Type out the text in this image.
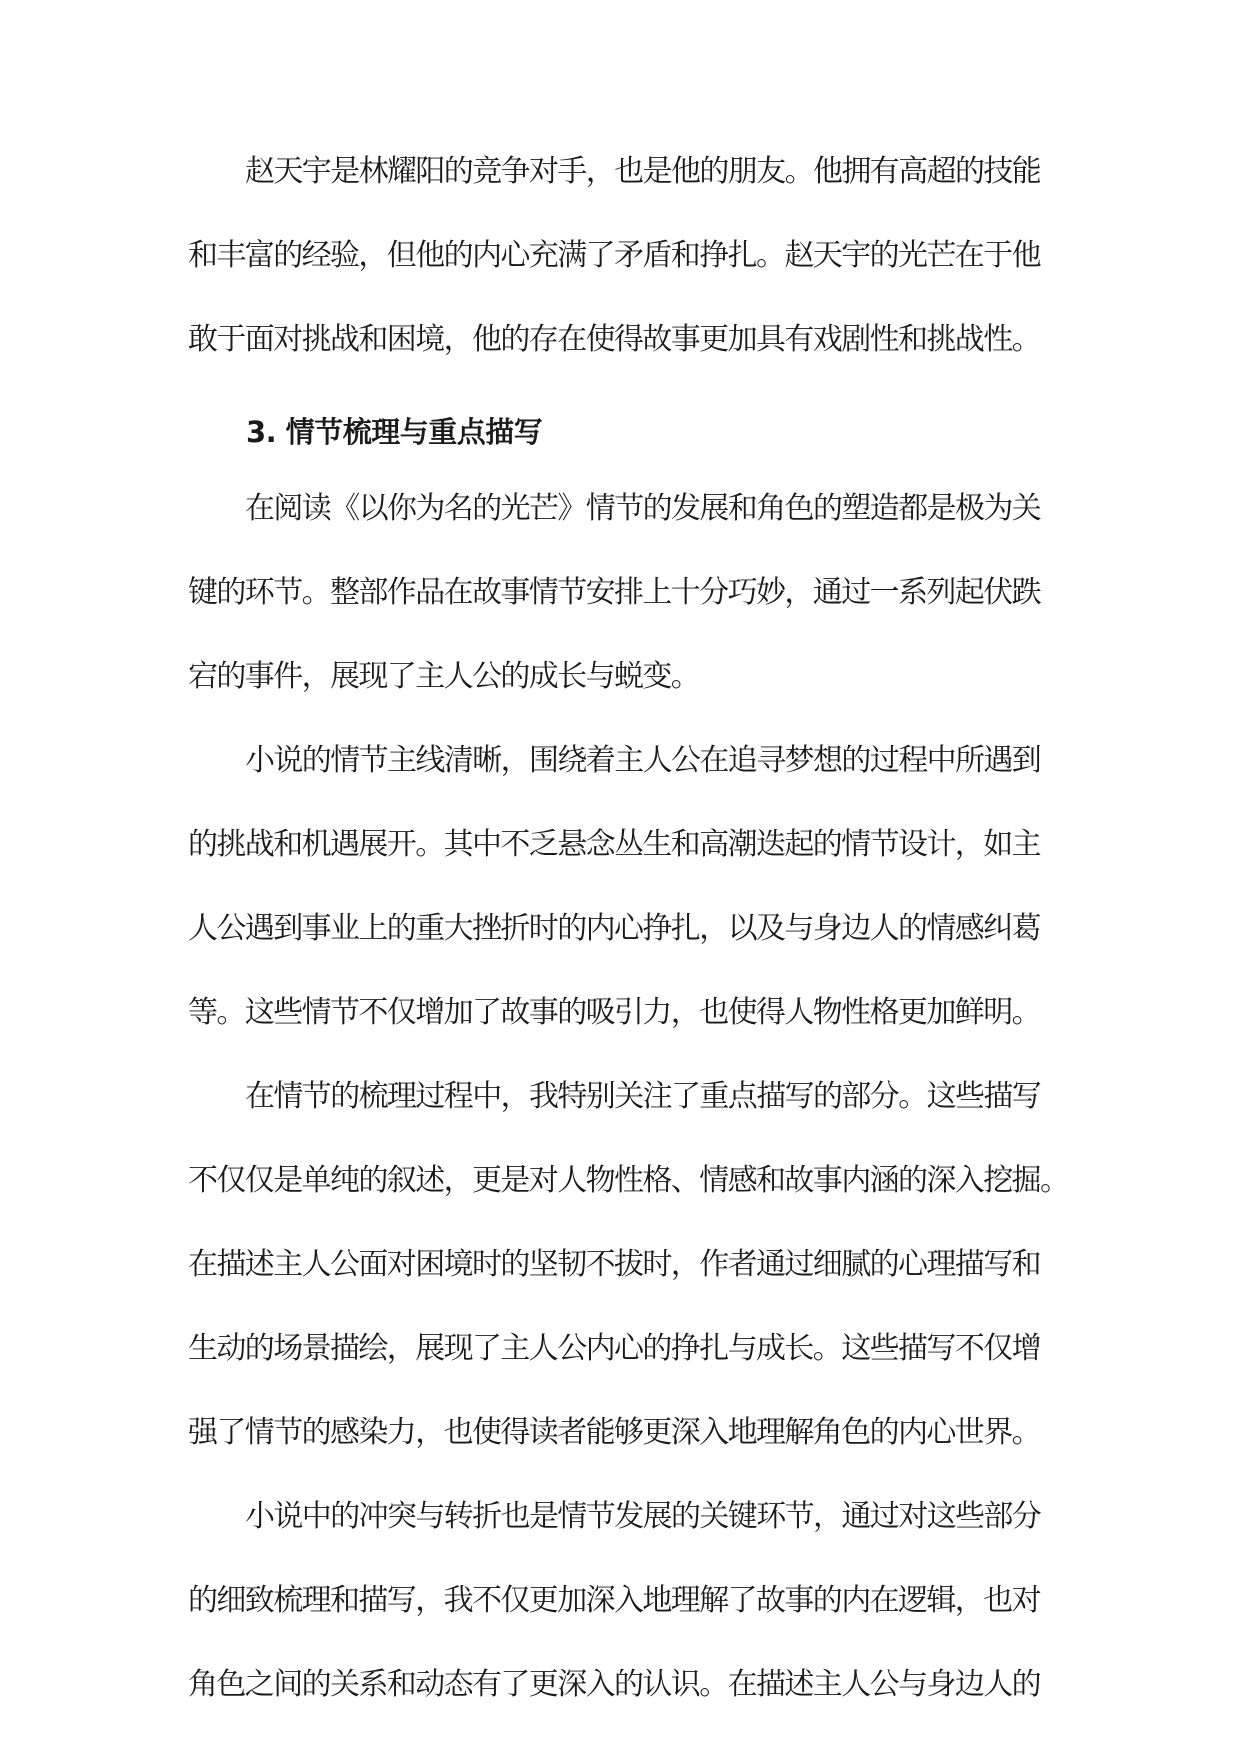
赵天宇是林耀阳的竞争对手，也是他的朋友。他拥有高超的技能
和丰富的经验，但他的内心充满了矛盾和挣扎。赵天宇的光芒在于他
敢于面对挑战和困境，他的存在使得故事更加具有戏剧性和挑战性。
在阅读《以你为名的光芒》情节的发展和角色的塑造都是极为关
键的环节。整部作品在故事情节安排上十分巧妙，通过一系列起伏跌
宕的事件，展现了主人公的成长与蜕变。
小说的情节主线清晰，围绕着主人公在追寻梦想的过程中所遇到
的挑战和机遇展开。其中不乏悬念丛生和高潮迭起的情节设计，如主
人公遇到事业上的重大挫折时的内心挣扎，以及与身边人的情感纠葛
等。这些情节不仅增加了故事的吸引力，也使得人物性格更加鲜明。
在情节的梳理过程中，我特别关注了重点描写的部分。这些描写
不仅仅是单纯的叙述，更是对人物性格、情感和故事内涵的深入挖掘。
在描述主人公面对困境时的坚韧不拔时，作者通过细腻的心理描写和
生动的场景描绘，展现了主人公内心的挣扎与成长。这些描写不仅增
强了情节的感染力，也使得读者能够更深入地理解角色的内心世界。
小说中的冲突与转折也是情节发展的关键环节，通过对这些部分
的细致梳理和描写，我不仅更加深入地理解了故事的内在逻辑，也对
角色之间的关系和动态有了更深入的认识。在描述主人公与身边人的
3. 情节梳理与重点描写
